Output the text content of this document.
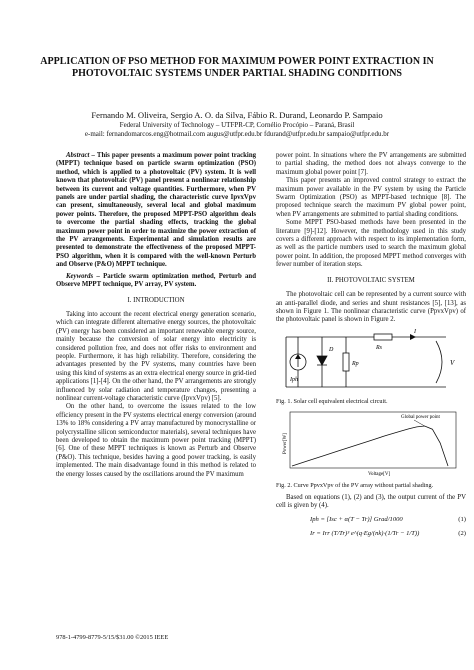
APPLICATION OF PSO METHOD FOR MAXIMUM POWER POINT EXTRACTION IN PHOTOVOLTAIC SYSTEMS UNDER PARTIAL SHADING CONDITIONS
Fernando M. Oliveira, Sergio A. O. da Silva, Fábio R. Durand, Leonardo P. Sampaio
Federal University of Technology – UTFPR-CP, Cornélio Procópio – Paraná, Brasil
e-mail: fernandomarcos.eng@hotmail.com augus@utfpr.edu.br fdurand@utfpr.edu.br sampaio@utfpr.edu.br

Abstract – This paper presents a maximum power point tracking (MPPT) technique based on particle swarm optimization (PSO) method, which is applied to a photovoltaic (PV) system. It is well known that photovoltaic (PV) panel present a nonlinear relationship between its current and voltage quantities. Furthermore, when PV panels are under partial shading, the characteristic curve IpvxVpv can present, simultaneously, several local and global maximum power points. Therefore, the proposed MPPT-PSO algorithm deals to overcome the partial shading effects, tracking the global maximum power point in order to maximize the power extraction of the PV arrangements. Experimental and simulation results are presented to demonstrate the effectiveness of the proposed MPPT-PSO algorithm, when it is compared with the well-known Perturb and Observe (P&O) MPPT technique.

Keywords – Particle swarm optimization method, Perturb and Observe MPPT technique, PV array, PV system.

I. INTRODUCTION

Taking into account the recent electrical energy generation scenario, which can integrate different alternative energy sources, the photovoltaic (PV) energy has been considered an important renewable energy source, mainly because the conversion of solar energy into electricity is considered pollution free, and does not offer risks to environment and people. Furthermore, it has high reliability. Therefore, considering the advantages presented by the PV systems, many countries have been using this kind of systems as an extra electrical energy source in grid-tied applications [1]-[4]. On the other hand, the PV arrangements are strongly influenced by solar radiation and temperature changes, presenting a nonlinear current-voltage characteristic curve (IpvxVpv) [5].

On the other hand, to overcome the issues related to the low efficiency present in the PV systems electrical energy conversion (around 13% to 18% considering a PV array manufactured by monocrystalline or polycrystalline silicon semiconductor materials), several techniques have been developed to obtain the maximum power point tracking (MPPT) [6]. One of these MPPT techniques is known as Perturb and Observe (P&O). This technique, besides having a good power tracking, is easily implemented. The main disadvantage found in this method is related to the energy losses caused by the oscillations around the PV maximum

power point. In situations where the PV arrangements are submitted to partial shading, the method does not always converge to the maximum global power point [7].

This paper presents an improved control strategy to extract the maximum power available in the PV system by using the Particle Swarm Optimization (PSO) as MPPT-based technique [8]. The proposed technique search the maximum PV global power point, when PV arrangements are submitted to partial shading conditions.

Some MPPT PSO-based methods have been presented in the literature [9]-[12]. However, the methodology used in this study covers a different approach with respect to its implementation form, as well as the particle numbers used to search the maximum global power point. In addition, the proposed MPPT method converges with fewer number of iteration steps.

II. PHOTOVOLTAIC SYSTEM

The photovoltaic cell can be represented by a current source with an anti-parallel diode, and series and shunt resistances [5], [13], as shown in Figure 1. The nonlinear characteristic curve (PpvxVpv) of the photovoltaic panel is shown in Figure 2.

Iph
D
Rp
Rs
I
V
Fig. 1. Solar cell equivalent electrical circuit.
Power[W]
Voltage[V]
Global power point
Fig. 2. Curve PpvxVpv of the PV array without partial shading.

Based on equations (1), (2) and (3), the output current of the PV cell is given by (4).

Iph = [Isc + α(T − Tr)] Grad/1000	(1)
Ir = Irr (T/Tr)³ e^(q·Eg/(nk)·(1/Tr − 1/T))	(2)
978-1-4799-8779-5/15/$31.00 ©2015 IEEE
